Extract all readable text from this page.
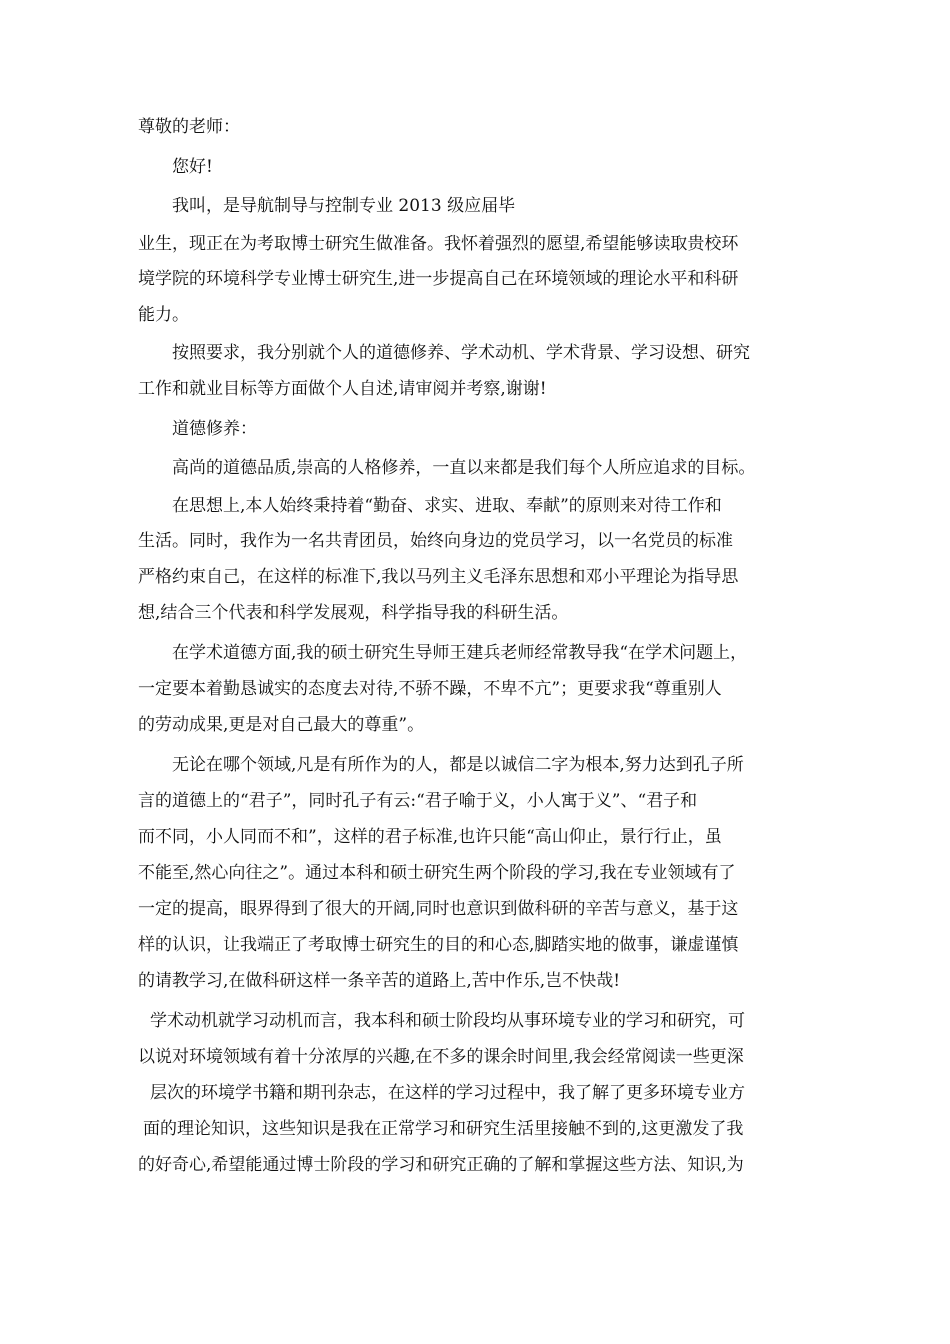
尊敬的老师：

您好!

我叫，是导航制导与控制专业 2013 级应届毕

业生，现正在为考取博士研究生做准备。我怀着强烈的愿望,希望能够读取贵校环

境学院的环境科学专业博士研究生,进一步提高自己在环境领域的理论水平和科研

能力。

按照要求，我分别就个人的道德修养、学术动机、学术背景、学习设想、研究

工作和就业目标等方面做个人自述,请审阅并考察,谢谢!

道德修养：

高尚的道德品质,崇高的人格修养，一直以来都是我们每个人所应追求的目标。

在思想上,本人始终秉持着“勤奋、求实、进取、奉献”的原则来对待工作和

生活。同时，我作为一名共青团员，始终向身边的党员学习，以一名党员的标准

严格约束自己，在这样的标准下,我以马列主义毛泽东思想和邓小平理论为指导思

想,结合三个代表和科学发展观，科学指导我的科研生活。

在学术道德方面,我的硕士研究生导师王建兵老师经常教导我“在学术问题上，

一定要本着勤恳诚实的态度去对待,不骄不躁，不卑不亢”；更要求我“尊重别人

的劳动成果,更是对自己最大的尊重”。

无论在哪个领域,凡是有所作为的人，都是以诚信二字为根本,努力达到孔子所

言的道德上的“君子”，同时孔子有云:“君子喻于义，小人寓于义”、“君子和

而不同，小人同而不和”，这样的君子标准,也许只能“高山仰止，景行行止，虽

不能至,然心向往之”。通过本科和硕士研究生两个阶段的学习,我在专业领域有了

一定的提高，眼界得到了很大的开阔,同时也意识到做科研的辛苦与意义，基于这

样的认识，让我端正了考取博士研究生的目的和心态,脚踏实地的做事，谦虚谨慎

的请教学习,在做科研这样一条辛苦的道路上,苦中作乐,岂不快哉!

学术动机就学习动机而言，我本科和硕士阶段均从事环境专业的学习和研究，可

以说对环境领域有着十分浓厚的兴趣,在不多的课余时间里,我会经常阅读一些更深

层次的环境学书籍和期刊杂志，在这样的学习过程中，我了解了更多环境专业方

面的理论知识，这些知识是我在正常学习和研究生活里接触不到的,这更激发了我

的好奇心,希望能通过博士阶段的学习和研究正确的了解和掌握这些方法、知识,为
